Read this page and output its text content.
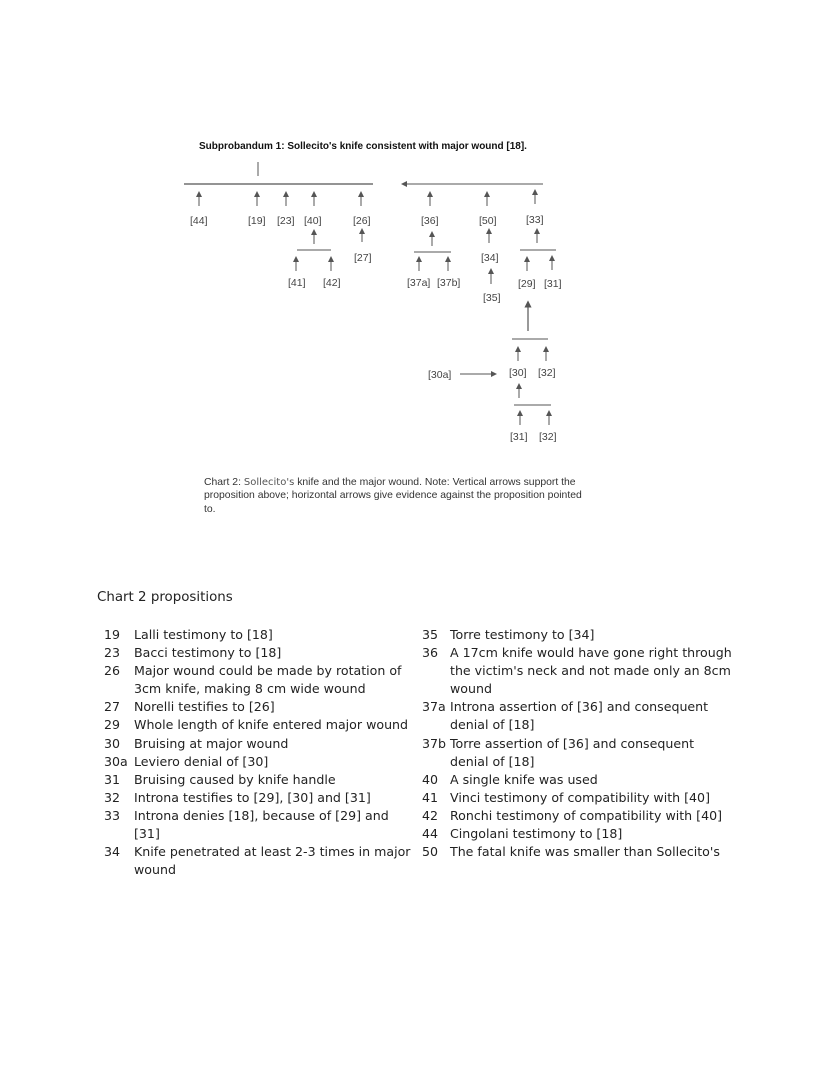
Subprobandum 1: Sollecito's knife consistent with major wound [18].
[44]	[19] [23] [40]	[26]
[41] [42]
[27]
[36]	[50]	[33]
[37a] [37b]
[34]
[35]
[29] [31]
[30] [32]
[30a]
[31] [32]
Chart 2: Sollecito's knife and the major wound. Note: Vertical arrows support the proposition above; horizontal arrows give evidence against the proposition pointed to.
Chart 2 propositions
19	Lalli testimony to [18]
23	Bacci testimony to [18]
26	Major wound could be made by rotation of 3cm knife, making 8 cm wide wound
27	Norelli testifies to [26]
29	Whole length of knife entered major wound
30	Bruising at major wound
30a Leviero denial of [30]
31	Bruising caused by knife handle
32	Introna testifies to [29], [30] and [31]
33	Introna denies [18], because of [29] and [31]
34	Knife penetrated at least 2-3 times in major wound
35 Torre testimony to [34]
36 A 17cm knife would have gone right through the victim's neck and not made only an 8cm wound
37a Introna assertion of [36] and consequent denial of [18]
37b Torre assertion of [36] and consequent denial of [18]
40 A single knife was used
41 Vinci testimony of compatibility with [40]
42 Ronchi testimony of compatibility with [40]
44 Cingolani testimony to [18]
50 The fatal knife was smaller than Sollecito's
